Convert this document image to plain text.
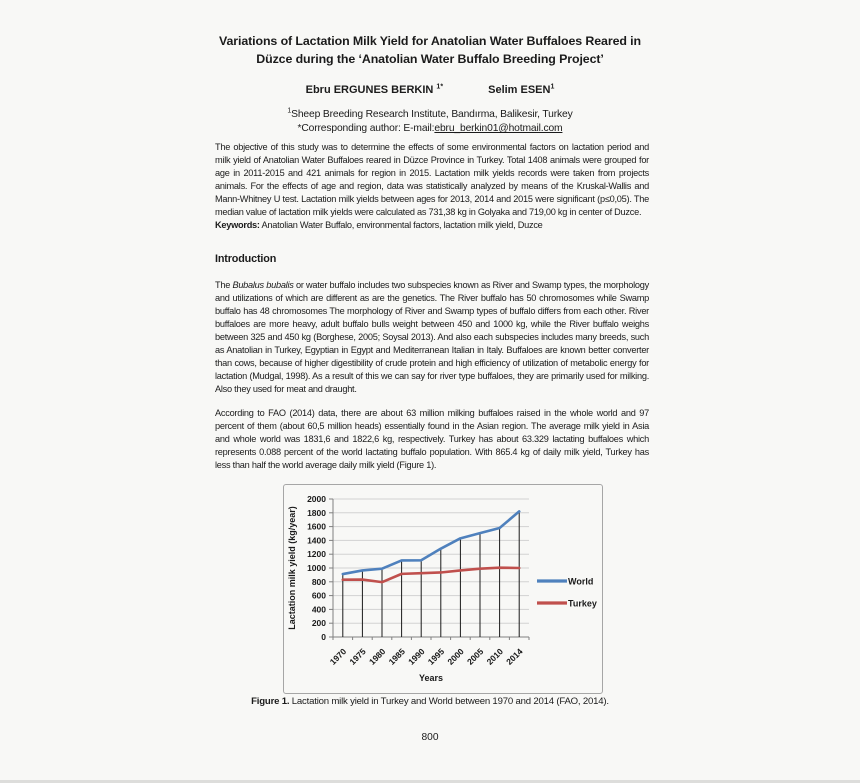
Variations of Lactation Milk Yield for Anatolian Water Buffaloes Reared in
Düzce during the ‘Anatolian Water Buffalo Breeding Project’
Ebru ERGUNES BERKIN $^{1*}$	Selim ESEN$^1$
$^1$Sheep Breeding Research Institute, Bandırma, Balikesir, Turkey
*Corresponding author: E-mail:ebru_berkin01@hotmail.com
The objective of this study was to determine the effects of some environmental factors on lactation period and milk yield of Anatolian Water Buffaloes reared in Düzce Province in Turkey. Total 1408 animals were grouped for age in 2011-2015 and 421 animals for region in 2015. Lactation milk yields records were taken from projects animals. For the effects of age and region, data was statistically analyzed by means of the Kruskal-Wallis and Mann-Whitney U test. Lactation milk yields between ages for 2013, 2014 and 2015 were significant (p≤0,05). The median value of lactation milk yields were calculated as 731,38 kg in Golyaka and 719,00 kg in center of Duzce.
Keywords: Anatolian Water Buffalo, environmental factors, lactation milk yield, Duzce
Introduction
The Bubalus bubalis or water buffalo includes two subspecies known as River and Swamp types, the morphology and utilizations of which are different as are the genetics. The River buffalo has 50 chromosomes while Swamp buffalo has 48 chromosomes The morphology of River and Swamp types of buffalo differs from each other. River buffaloes are more heavy, adult buffalo bulls weight between 450 and 1000 kg, while the River buffalo weighs between 325 and 450 kg (Borghese, 2005; Soysal 2013). And also each subspecies includes many breeds, such as Anatolian in Turkey, Egyptian in Egypt and Mediterranean Italian in Italy. Buffaloes are known better converter than cows, because of higher digestibility of crude protein and high efficiency of utilization of metabolic energy for lactation (Mudgal, 1998). As a result of this we can say for river type buffaloes, they are primarily used for milking. Also they used for meat and draught.
According to FAO (2014) data, there are about 63 million milking buffaloes raised in the whole world and 97 percent of them (about 60,5 million heads) essentially found in the Asian region. The average milk yield in Asia and whole world was 1831,6 and 1822,6 kg, respectively. Turkey has about 63.329 lactating buffaloes which represents 0.088 percent of the world lactating buffalo population. With 865.4 kg of daily milk yield, Turkey has less than half the world average daily milk yield (Figure 1).
0
200
400
600
800
1000
1200
1400
1600
1800
2000
1970 1975 1980 1985 1990 1995 2000 2005 2010 2014
Years
Lactation milk yield (kg/year)	World
Turkey
Figure 1. Lactation milk yield in Turkey and World between 1970 and 2014 (FAO, 2014).
800
